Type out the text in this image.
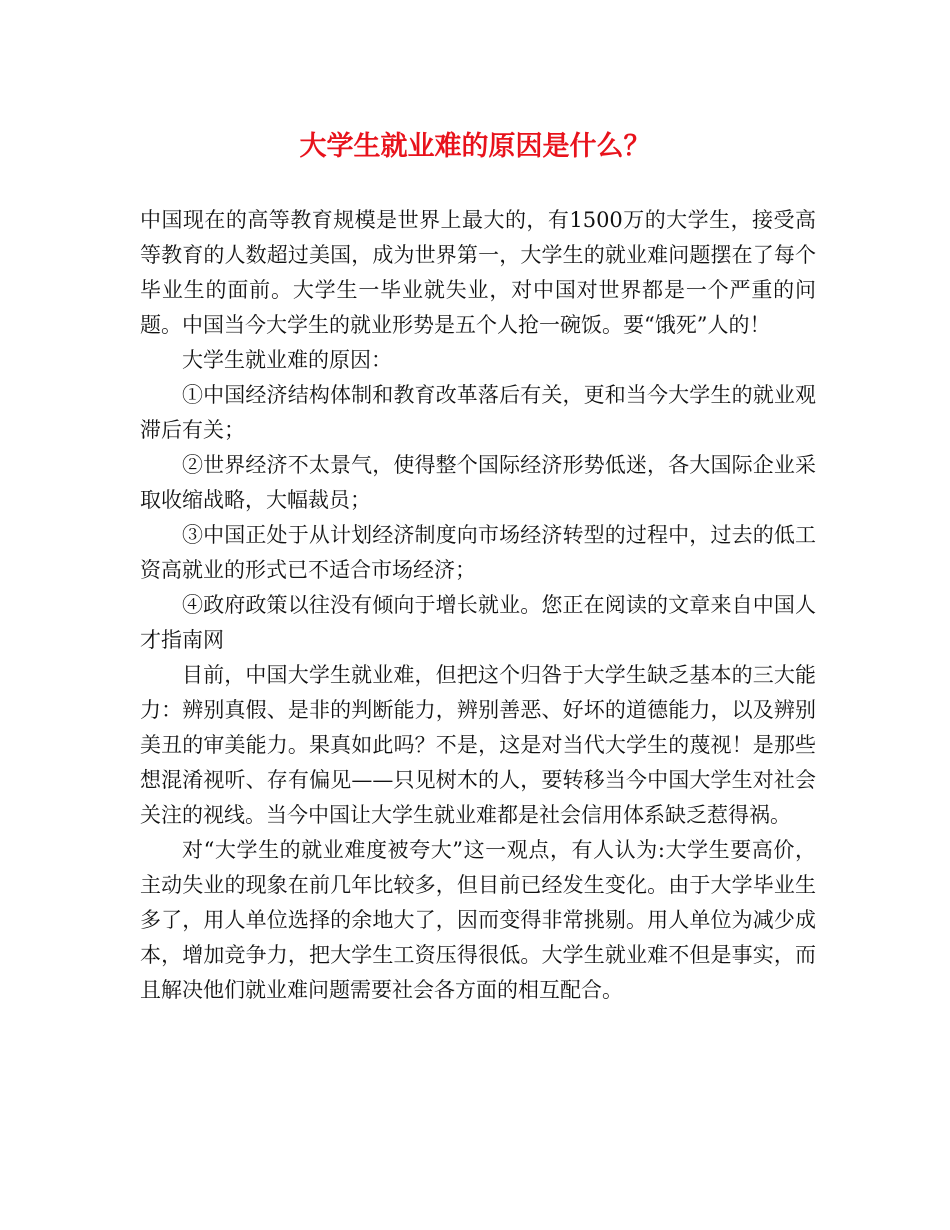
大学生就业难的原因是什么？

中国现在的高等教育规模是世界上最大的，有1500万的大学生，接受高等教育的人数超过美国，成为世界第一，大学生的就业难问题摆在了每个毕业生的面前。大学生一毕业就失业，对中国对世界都是一个严重的问题。中国当今大学生的就业形势是五个人抢一碗饭。要“饿死”人的！

大学生就业难的原因：

①中国经济结构体制和教育改革落后有关，更和当今大学生的就业观滞后有关；

②世界经济不太景气，使得整个国际经济形势低迷，各大国际企业采取收缩战略，大幅裁员；

③中国正处于从计划经济制度向市场经济转型的过程中，过去的低工资高就业的形式已不适合市场经济；

④政府政策以往没有倾向于增长就业。您正在阅读的文章来自中国人才指南网

目前，中国大学生就业难，但把这个归咎于大学生缺乏基本的三大能力：辨别真假、是非的判断能力，辨别善恶、好坏的道德能力，以及辨别美丑的审美能力。果真如此吗？不是，这是对当代大学生的蔑视！是那些想混淆视听、存有偏见——只见树木的人，要转移当今中国大学生对社会关注的视线。当今中国让大学生就业难都是社会信用体系缺乏惹得祸。

对“大学生的就业难度被夸大”这一观点，有人认为:大学生要高价，主动失业的现象在前几年比较多，但目前已经发生变化。由于大学毕业生多了，用人单位选择的余地大了，因而变得非常挑剔。用人单位为减少成本，增加竞争力，把大学生工资压得很低。大学生就业难不但是事实，而且解决他们就业难问题需要社会各方面的相互配合。
